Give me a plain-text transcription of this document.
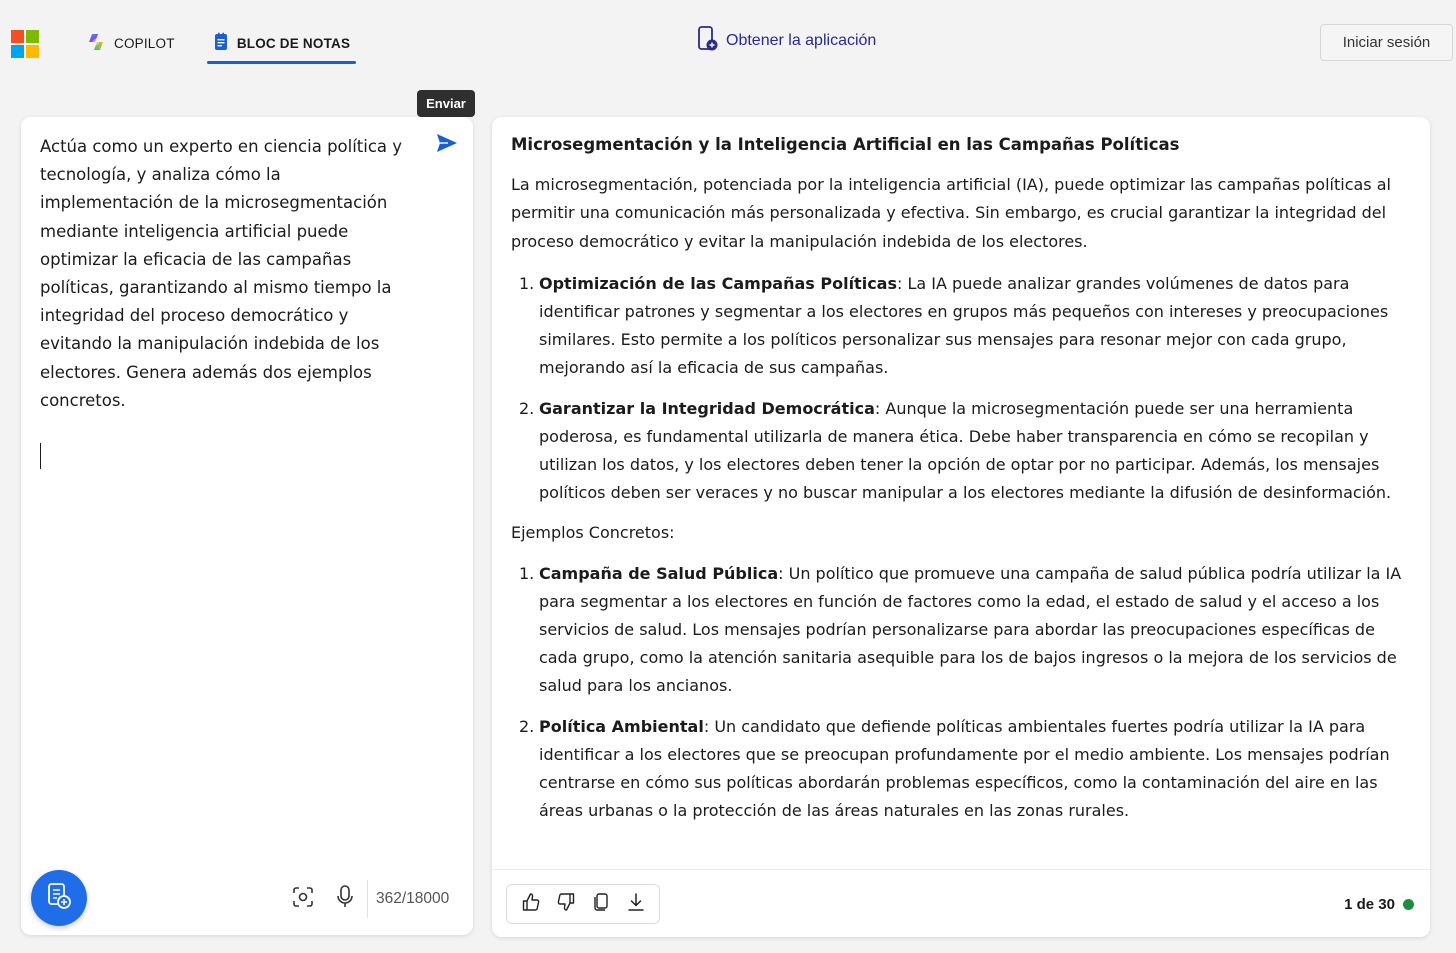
COPILOT	BLOC DE NOTAS	Obtener la aplicación	Iniciar sesión
Enviar
Actúa como un experto en ciencia política y tecnología, y analiza cómo la implementación de la microsegmentación mediante inteligencia artificial puede optimizar la eficacia de las campañas políticas, garantizando al mismo tiempo la integridad del proceso democrático y evitando la manipulación indebida de los electores. Genera además dos ejemplos concretos.
362/18000
Microsegmentación y la Inteligencia Artificial en las Campañas Políticas

La microsegmentación, potenciada por la inteligencia artificial (IA), puede optimizar las campañas políticas al permitir una comunicación más personalizada y efectiva. Sin embargo, es crucial garantizar la integridad del proceso democrático y evitar la manipulación indebida de los electores.

1. Optimización de las Campañas Políticas: La IA puede analizar grandes volúmenes de datos para identificar patrones y segmentar a los electores en grupos más pequeños con intereses y preocupaciones similares. Esto permite a los políticos personalizar sus mensajes para resonar mejor con cada grupo, mejorando así la eficacia de sus campañas.
2. Garantizar la Integridad Democrática: Aunque la microsegmentación puede ser una herramienta poderosa, es fundamental utilizarla de manera ética. Debe haber transparencia en cómo se recopilan y utilizan los datos, y los electores deben tener la opción de optar por no participar. Además, los mensajes políticos deben ser veraces y no buscar manipular a los electores mediante la difusión de desinformación.
Ejemplos Concretos:
1. Campaña de Salud Pública: Un político que promueve una campaña de salud pública podría utilizar la IA para segmentar a los electores en función de factores como la edad, el estado de salud y el acceso a los servicios de salud. Los mensajes podrían personalizarse para abordar las preocupaciones específicas de cada grupo, como la atención sanitaria asequible para los de bajos ingresos o la mejora de los servicios de salud para los ancianos.
2. Política Ambiental: Un candidato que defiende políticas ambientales fuertes podría utilizar la IA para identificar a los electores que se preocupan profundamente por el medio ambiente. Los mensajes podrían centrarse en cómo sus políticas abordarán problemas específicos, como la contaminación del aire en las áreas urbanas o la protección de las áreas naturales en las zonas rurales.
1 de 30
